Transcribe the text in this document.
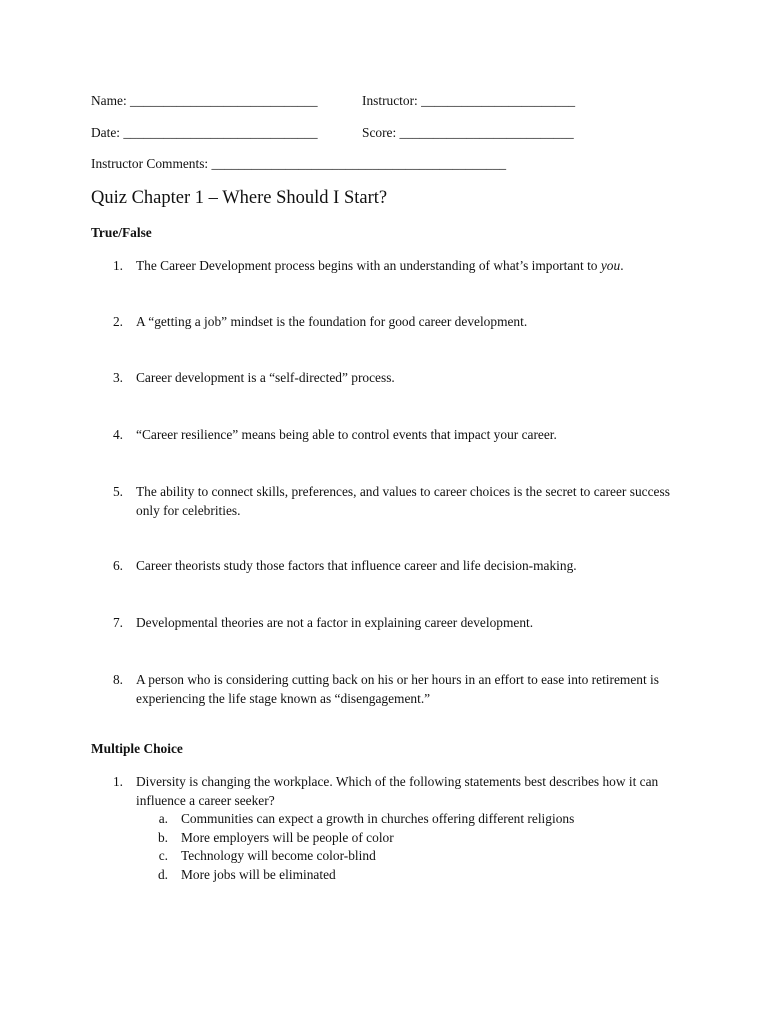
Name: ____________________________	Instructor: _______________________
Date: _____________________________	Score: __________________________
Instructor Comments: ____________________________________________
Quiz Chapter 1 – Where Should I Start?
True/False
1. The Career Development process begins with an understanding of what’s important to you.
2. A “getting a job” mindset is the foundation for good career development.
3. Career development is a “self-directed” process.
4. “Career resilience” means being able to control events that impact your career.
5. The ability to connect skills, preferences, and values to career choices is the secret to career success only for celebrities.
6. Career theorists study those factors that influence career and life decision-making.
7. Developmental theories are not a factor in explaining career development.
8. A person who is considering cutting back on his or her hours in an effort to ease into retirement is experiencing the life stage known as “disengagement.”
Multiple Choice
1. Diversity is changing the workplace. Which of the following statements best describes how it can influence a career seeker?
a. Communities can expect a growth in churches offering different religions
b. More employers will be people of color
c. Technology will become color-blind
d. More jobs will be eliminated
